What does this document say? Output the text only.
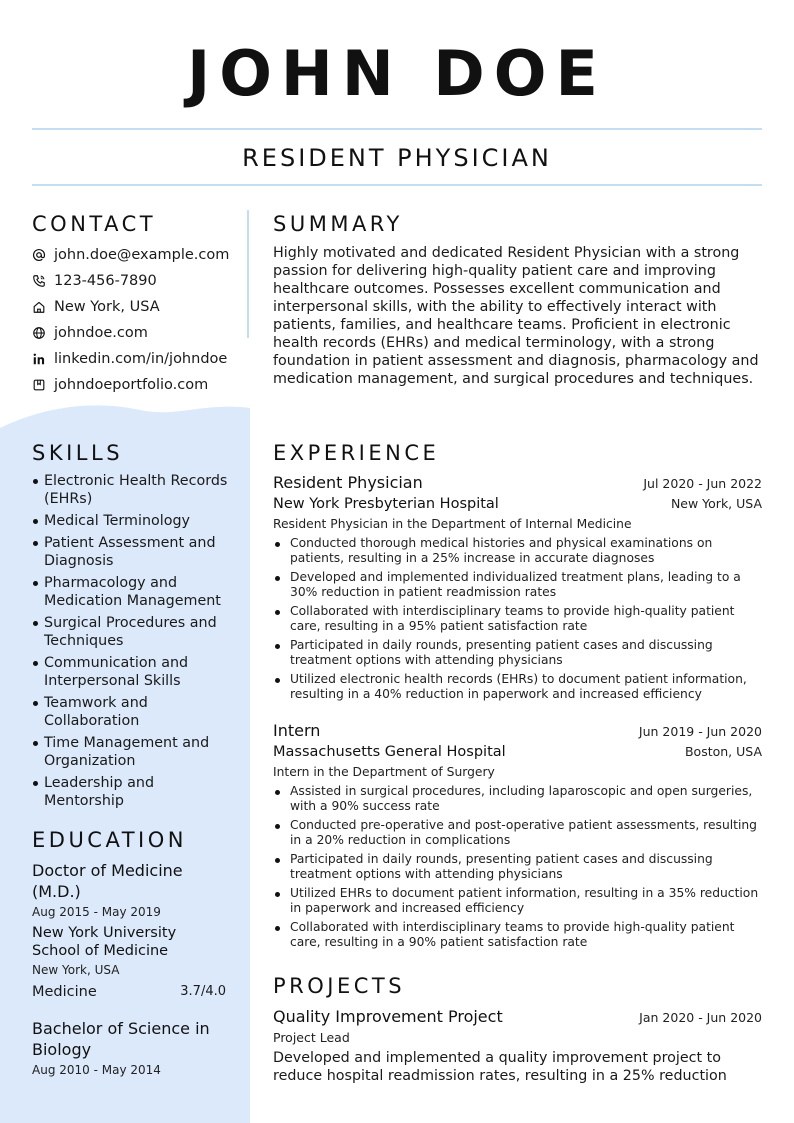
JOHN DOE
RESIDENT PHYSICIAN
CONTACT
john.doe@example.com
123-456-7890
New York, USA
johndoe.com
linkedin.com/in/johndoe
johndoeportfolio.com
SKILLS
Electronic Health Records (EHRs)
Medical Terminology
Patient Assessment and Diagnosis
Pharmacology and Medication Management
Surgical Procedures and Techniques
Communication and Interpersonal Skills
Teamwork and Collaboration
Time Management and Organization
Leadership and Mentorship
EDUCATION
Doctor of Medicine (M.D.)
Aug 2015 - May 2019
New York University School of Medicine
New York, USA
Medicine	3.7/4.0
Bachelor of Science in Biology
Aug 2010 - May 2014
SUMMARY
Highly motivated and dedicated Resident Physician with a strong passion for delivering high-quality patient care and improving healthcare outcomes. Possesses excellent communication and interpersonal skills, with the ability to effectively interact with patients, families, and healthcare teams. Proficient in electronic health records (EHRs) and medical terminology, with a strong foundation in patient assessment and diagnosis, pharmacology and medication management, and surgical procedures and techniques.
EXPERIENCE
Resident Physician	Jul 2020 - Jun 2022
New York Presbyterian Hospital	New York, USA
Resident Physician in the Department of Internal Medicine
Conducted thorough medical histories and physical examinations on patients, resulting in a 25% increase in accurate diagnoses
Developed and implemented individualized treatment plans, leading to a 30% reduction in patient readmission rates
Collaborated with interdisciplinary teams to provide high-quality patient care, resulting in a 95% patient satisfaction rate
Participated in daily rounds, presenting patient cases and discussing treatment options with attending physicians
Utilized electronic health records (EHRs) to document patient information, resulting in a 40% reduction in paperwork and increased efficiency
Intern	Jun 2019 - Jun 2020
Massachusetts General Hospital	Boston, USA
Intern in the Department of Surgery
Assisted in surgical procedures, including laparoscopic and open surgeries, with a 90% success rate
Conducted pre-operative and post-operative patient assessments, resulting in a 20% reduction in complications
Participated in daily rounds, presenting patient cases and discussing treatment options with attending physicians
Utilized EHRs to document patient information, resulting in a 35% reduction in paperwork and increased efficiency
Collaborated with interdisciplinary teams to provide high-quality patient care, resulting in a 90% patient satisfaction rate
PROJECTS
Quality Improvement Project	Jan 2020 - Jun 2020
Project Lead
Developed and implemented a quality improvement project to reduce hospital readmission rates, resulting in a 25% reduction
